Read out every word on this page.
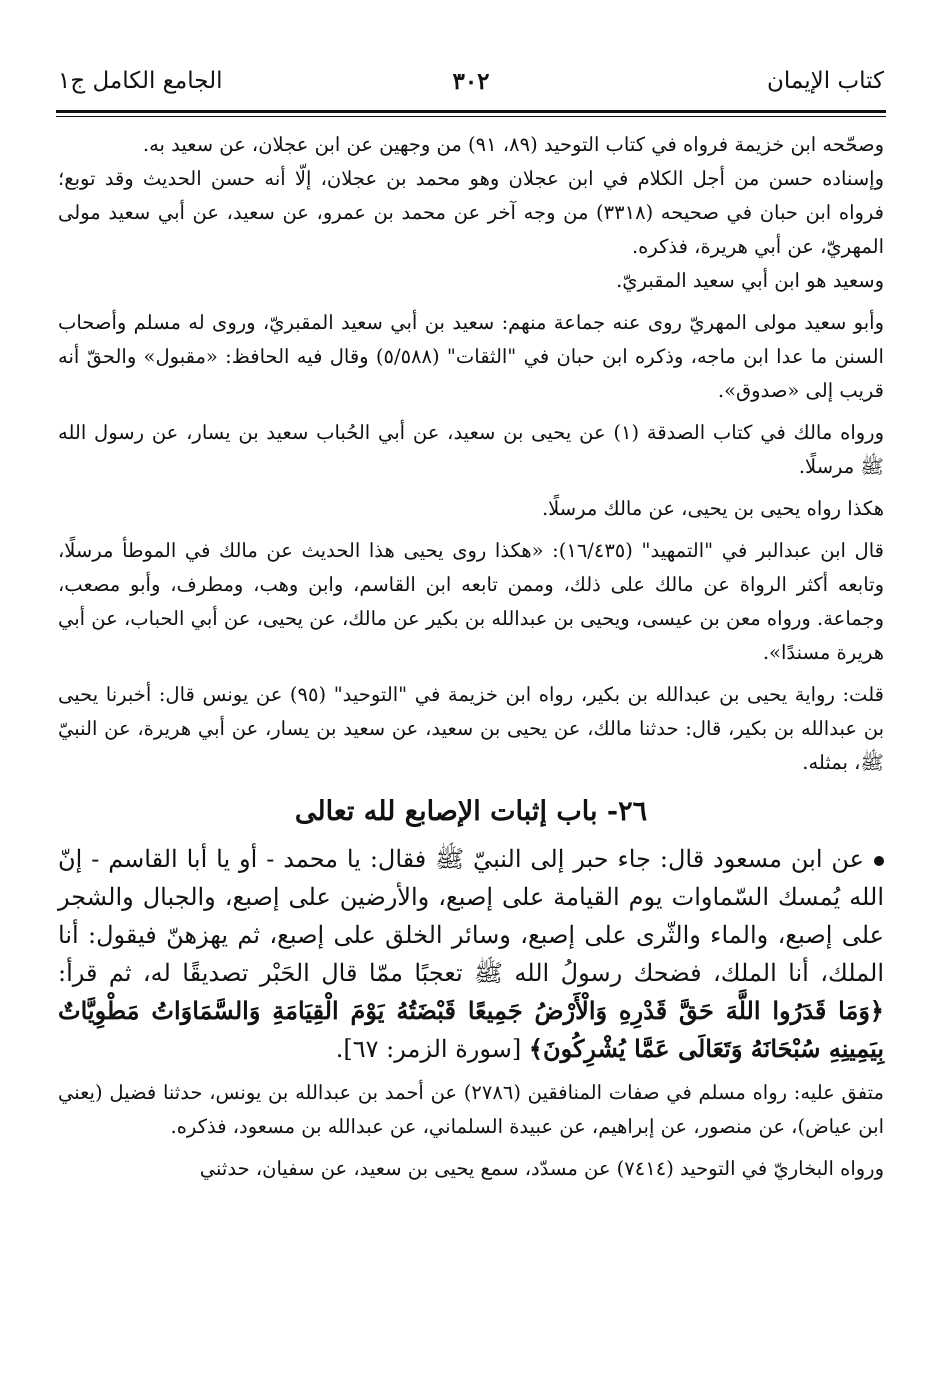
كتاب الإيمان
٣٠٢
الجامع الكامل ج١

وصحّحه ابن خزيمة فرواه في كتاب التوحيد (٨٩، ٩١) من وجهين عن ابن عجلان، عن سعيد به.

وإسناده حسن من أجل الكلام في ابن عجلان وهو محمد بن عجلان، إلّا أنه حسن الحديث وقد توبع؛ فرواه ابن حبان في صحيحه (٣٣١٨) من وجه آخر عن محمد بن عمرو، عن سعيد، عن أبي سعيد مولى المهريّ، عن أبي هريرة، فذكره.

وسعيد هو ابن أبي سعيد المقبريّ.

وأبو سعيد مولى المهريّ روى عنه جماعة منهم: سعيد بن أبي سعيد المقبريّ، وروى له مسلم وأصحاب السنن ما عدا ابن ماجه، وذكره ابن حبان في "الثقات" (٥/٥٨٨) وقال فيه الحافظ: «مقبول» والحقّ أنه قريب إلى «صدوق».

ورواه مالك في كتاب الصدقة (١) عن يحيى بن سعيد، عن أبي الحُباب سعيد بن يسار، عن رسول الله ﷺ مرسلًا.

هكذا رواه يحيى بن يحيى، عن مالك مرسلًا.

قال ابن عبدالبر في "التمهيد" (١٦/٤٣٥): «هكذا روى يحيى هذا الحديث عن مالك في الموطأ مرسلًا، وتابعه أكثر الرواة عن مالك على ذلك، وممن تابعه ابن القاسم، وابن وهب، ومطرف، وأبو مصعب، وجماعة. ورواه معن بن عيسى، ويحيى بن عبدالله بن بكير عن مالك، عن يحيى، عن أبي الحباب، عن أبي هريرة مسندًا».

قلت: رواية يحيى بن عبدالله بن بكير، رواه ابن خزيمة في "التوحيد" (٩٥) عن يونس قال: أخبرنا يحيى بن عبدالله بن بكير، قال: حدثنا مالك، عن يحيى بن سعيد، عن سعيد بن يسار، عن أبي هريرة، عن النبيّ ﷺ، بمثله.

٢٦- باب إثبات الإصابع لله تعالى

عن ابن مسعود قال: جاء حبر إلى النبيّ ﷺ فقال: يا محمد - أو يا أبا القاسم - إنّ الله يُمسك السّماوات يوم القيامة على إصبع، والأرضين على إصبع، والجبال والشجر على إصبع، والماء والثّرى على إصبع، وسائر الخلق على إصبع، ثم يهزهنّ فيقول: أنا الملك، أنا الملك، فضحك رسولُ الله ﷺ تعجبًا ممّا قال الحَبْر تصديقًا له، ثم قرأ: ﴿وَمَا قَدَرُوا اللَّهَ حَقَّ قَدْرِهِ وَالْأَرْضُ جَمِيعًا قَبْضَتُهُ يَوْمَ الْقِيَامَةِ وَالسَّمَاوَاتُ مَطْوِيَّاتٌ بِيَمِينِهِ سُبْحَانَهُ وَتَعَالَى عَمَّا يُشْرِكُونَ﴾ [سورة الزمر: ٦٧].

متفق عليه: رواه مسلم في صفات المنافقين (٢٧٨٦) عن أحمد بن عبدالله بن يونس، حدثنا فضيل (يعني ابن عياض)، عن منصور، عن إبراهيم، عن عبيدة السلماني، عن عبدالله بن مسعود، فذكره.

ورواه البخاريّ في التوحيد (٧٤١٤) عن مسدّد، سمع يحيى بن سعيد، عن سفيان، حدثني
